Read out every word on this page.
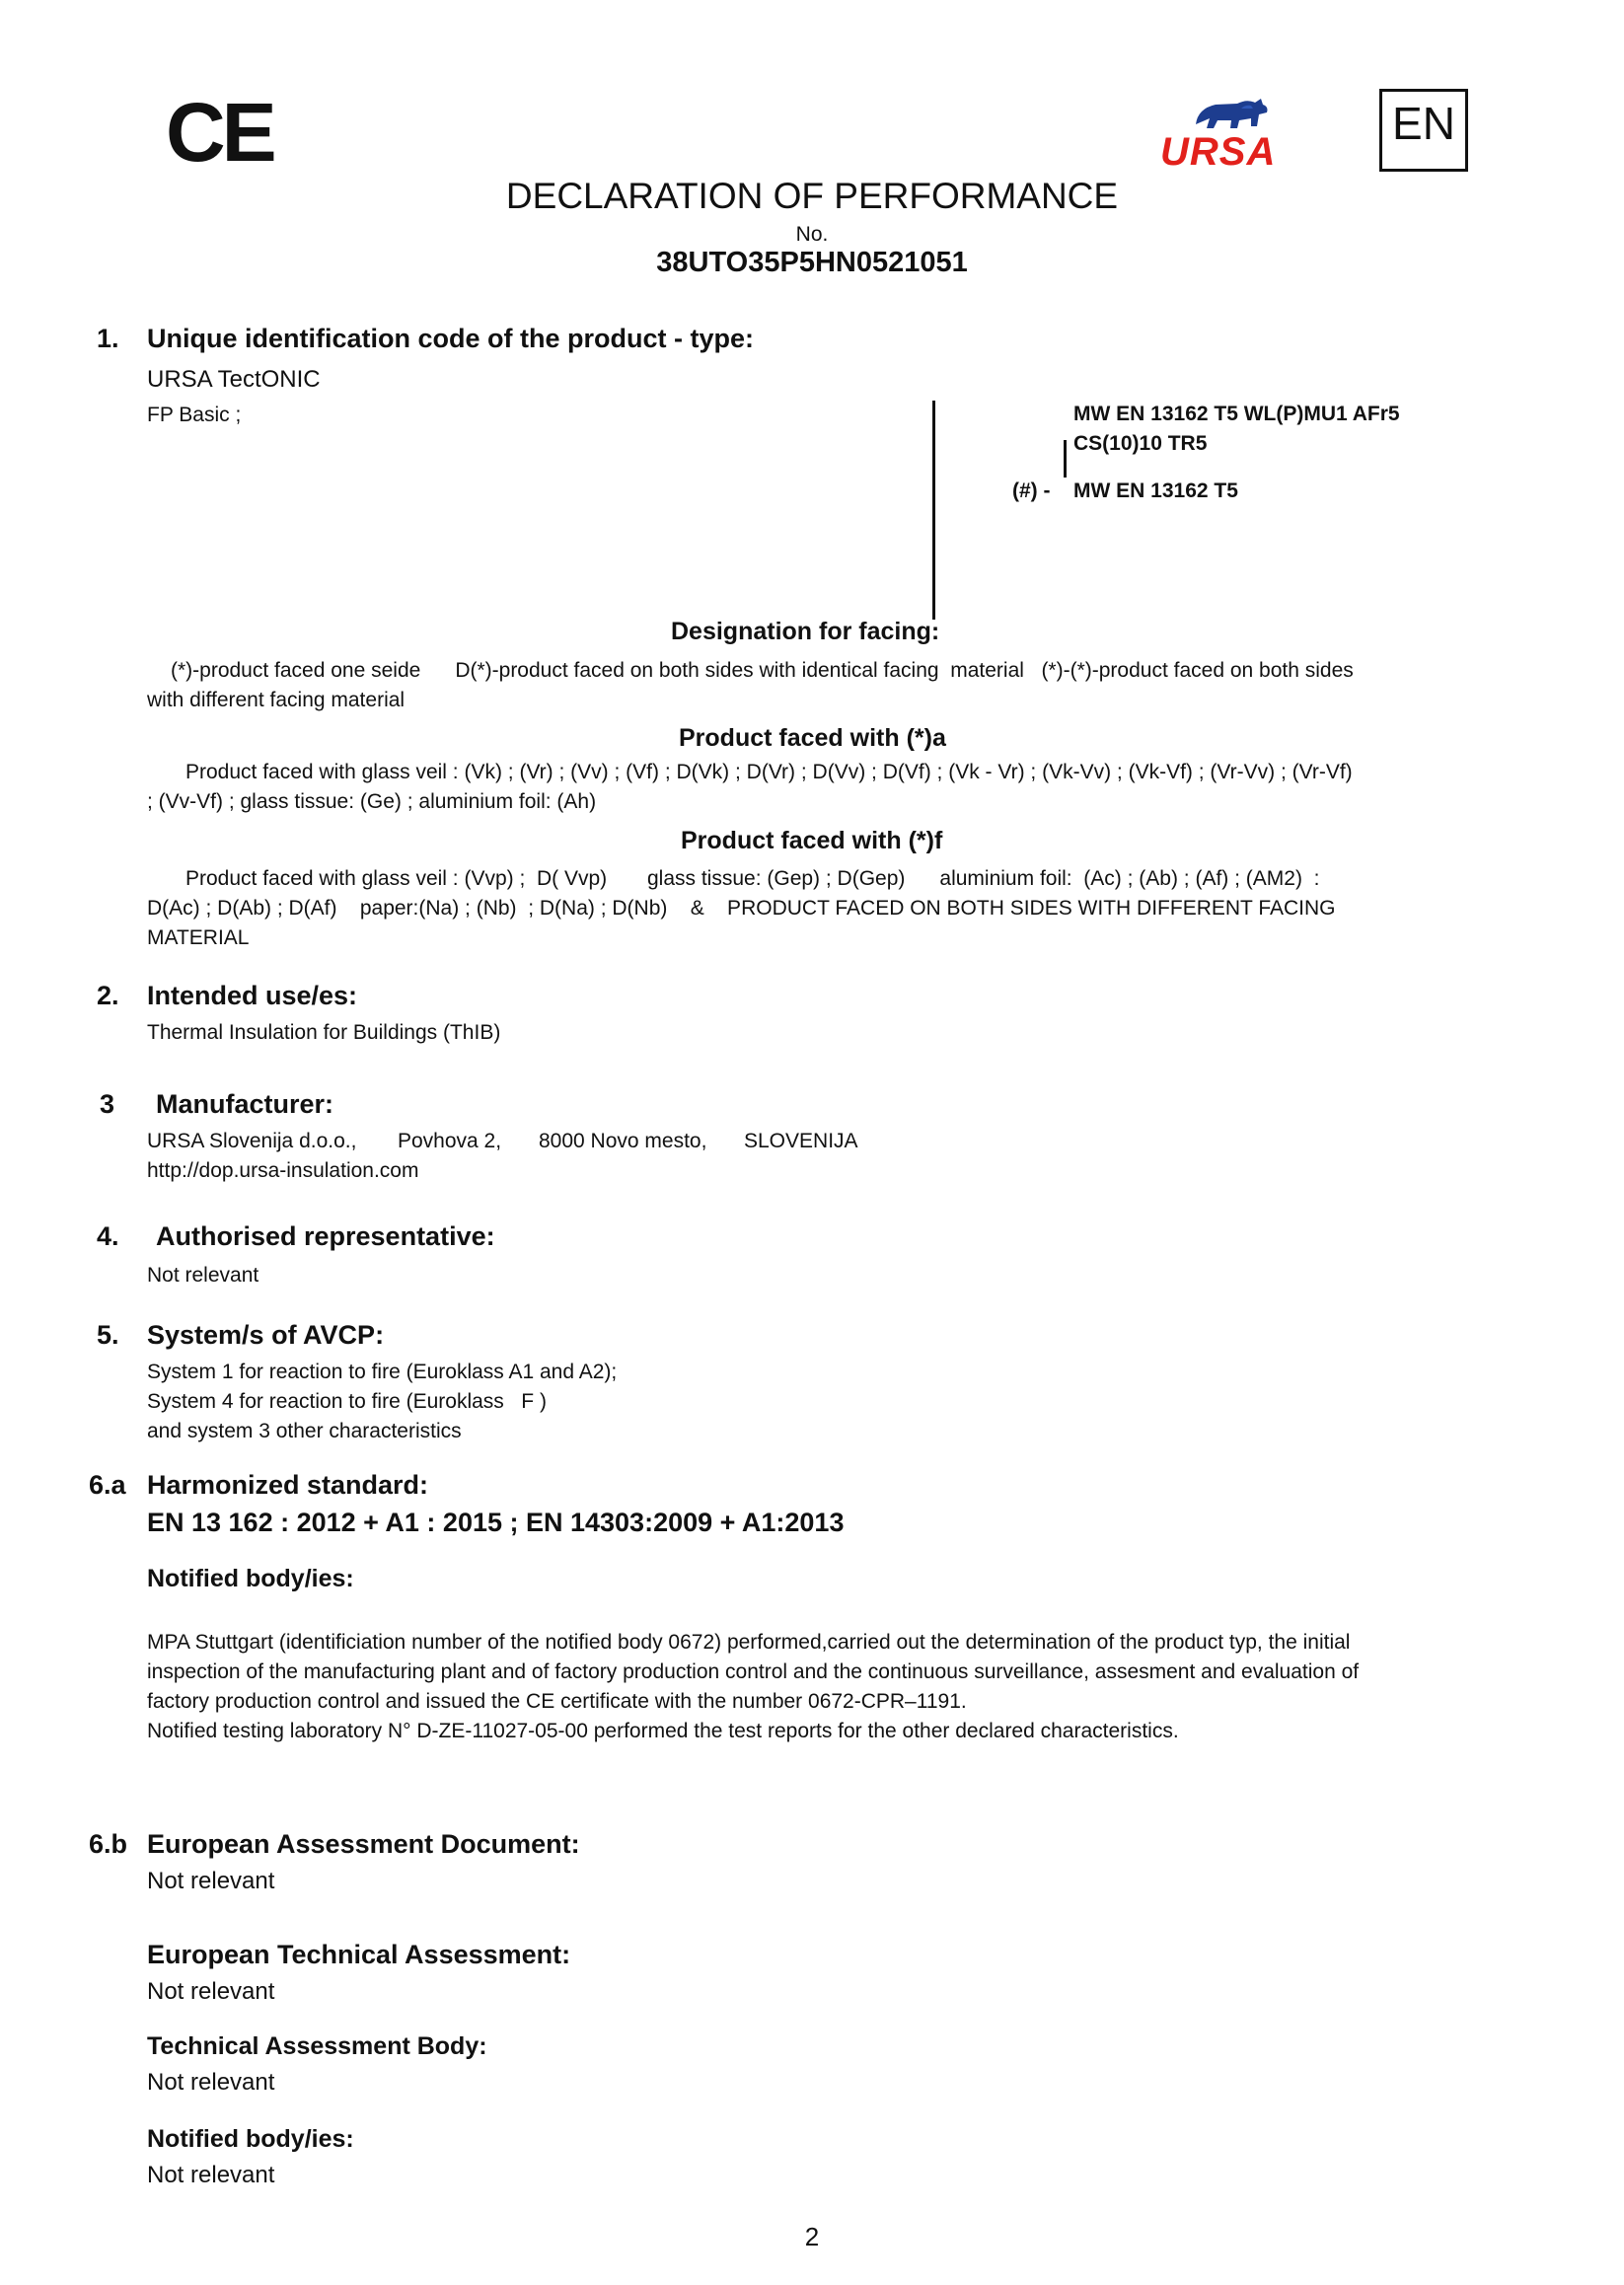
CE	URSA
EN
DECLARATION OF PERFORMANCE
No.
38UTO35P5HN0521051
1. Unique identification code of the product - type:
URSA TectONIC
FP Basic ;	MW EN 13162 T5 WL(P)MU1 AFr5
CS(10)10 TR5
(#) - MW EN 13162 T5
Designation for facing:
(*)-product faced one seide      D(*)-product faced on both sides with identical facing  material   (*)-(*)-product faced on both sides
with different facing material
Product faced with (*)a
Product faced with glass veil : (Vk) ; (Vr) ; (Vv) ; (Vf) ; D(Vk) ; D(Vr) ; D(Vv) ; D(Vf) ; (Vk - Vr) ; (Vk-Vv) ; (Vk-Vf) ; (Vr-Vv) ; (Vr-Vf)
; (Vv-Vf) ; glass tissue: (Ge) ; aluminium foil: (Ah)
Product faced with (*)f
Product faced with glass veil : (Vvp) ;  D( Vvp)       glass tissue: (Gep) ; D(Gep)      aluminium foil:  (Ac) ; (Ab) ; (Af) ; (AM2)  :
D(Ac) ; D(Ab) ; D(Af)    paper:(Na) ; (Nb)  ; D(Na) ; D(Nb)    &    PRODUCT FACED ON BOTH SIDES WITH DIFFERENT FACING
MATERIAL
2. Intended use/es:
Thermal Insulation for Buildings (ThIB)
3 Manufacturer:
URSA Slovenija d.o.o., Povhova 2, 8000 Novo mesto, SLOVENIJA
http://dop.ursa-insulation.com
4. Authorised representative:
Not relevant
5. System/s of AVCP:
System 1 for reaction to fire (Euroklass A1 and A2);
System 4 for reaction to fire (Euroklass   F )
and system 3 other characteristics
6.a Harmonized standard:
EN 13 162 : 2012 + A1 : 2015 ; EN 14303:2009 + A1:2013
Notified body/ies:
MPA Stuttgart (identificiation number of the notified body 0672) performed,carried out the determination of the product typ, the initial
inspection of the manufacturing plant and of factory production control and the continuous surveillance, assesment and evaluation of
factory production control and issued the CE certificate with the number 0672-CPR–1191.
Notified testing laboratory N° D-ZE-11027-05-00 performed the test reports for the other declared characteristics.
6.b European Assessment Document:
Not relevant
European Technical Assessment:
Not relevant
Technical Assessment Body:
Not relevant
Notified body/ies:
Not relevant
2
